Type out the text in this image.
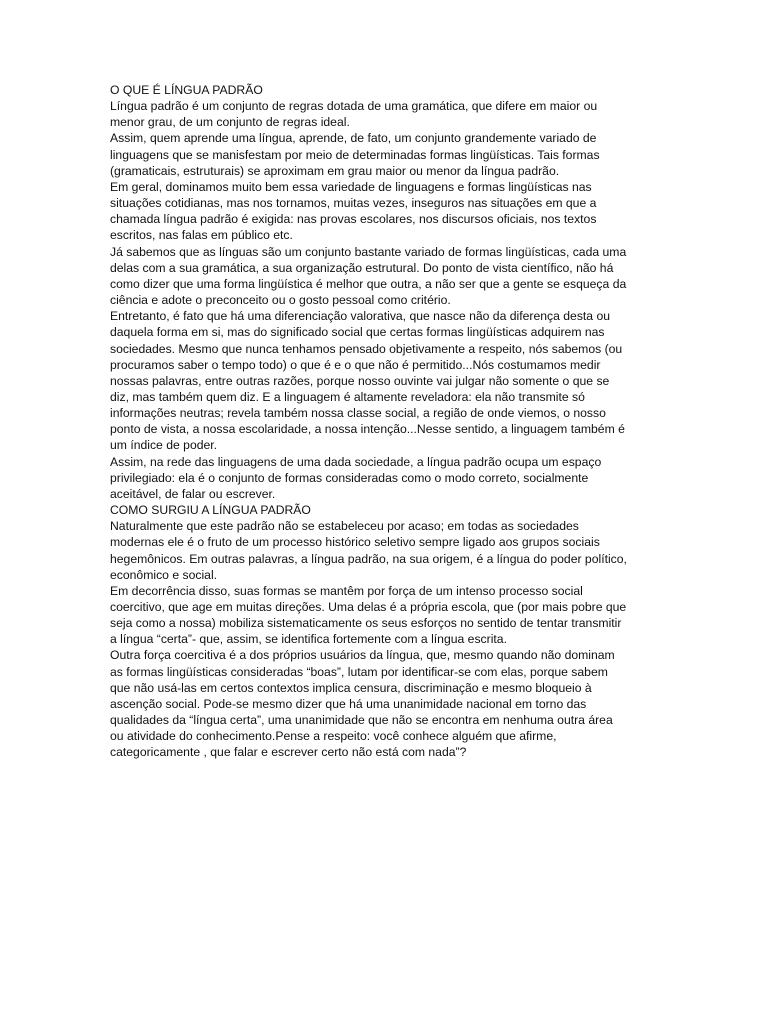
O QUE É LÍNGUA PADRÃO
Língua padrão é um conjunto de regras dotada de uma gramática, que difere em maior ou
menor grau, de um conjunto de regras ideal.
Assim, quem aprende uma língua, aprende, de fato, um conjunto grandemente variado de
linguagens que se manisfestam por meio de determinadas formas lingüísticas. Tais formas
(gramaticais, estruturais) se aproximam em grau maior ou menor da língua padrão.
Em geral, dominamos muito bem essa variedade de linguagens e formas lingüísticas nas
situações cotidianas, mas nos tornamos, muitas vezes, inseguros nas situações em que a
chamada língua padrão é exigida: nas provas escolares, nos discursos oficiais, nos textos
escritos, nas falas em público etc.
Já sabemos que as línguas são um conjunto bastante variado de formas lingüísticas, cada uma
delas com a sua gramática, a sua organização estrutural. Do ponto de vista científico, não há
como dizer que uma forma lingüística é melhor que outra, a não ser que a gente se esqueça da
ciência e adote o preconceito ou o gosto pessoal como critério.
Entretanto, é fato que há uma diferenciação valorativa, que nasce não da diferença desta ou
daquela forma em si, mas do significado social que certas formas lingüísticas adquirem nas
sociedades. Mesmo que nunca tenhamos pensado objetivamente a respeito, nós sabemos (ou
procuramos saber o tempo todo) o que é e o que não é permitido...Nós costumamos medir
nossas palavras, entre outras razões, porque nosso ouvinte vai julgar não somente o que se
diz, mas também quem diz. E a linguagem é altamente reveladora: ela não transmite só
informações neutras; revela também nossa classe social, a região de onde viemos, o nosso
ponto de vista, a nossa escolaridade, a nossa intenção...Nesse sentido, a linguagem também é
um índice de poder.
Assim, na rede das linguagens de uma dada sociedade, a língua padrão ocupa um espaço
privilegiado: ela é o conjunto de formas consideradas como o modo correto, socialmente
aceitável, de falar ou escrever.
COMO SURGIU A LÍNGUA PADRÃO
Naturalmente que este padrão não se estabeleceu por acaso; em todas as sociedades
modernas ele é o fruto de um processo histórico seletivo sempre ligado aos grupos sociais
hegemônicos. Em outras palavras, a língua padrão, na sua origem, é a língua do poder político,
econômico e social.
Em decorrência disso, suas formas se mantêm por força de um intenso processo social
coercitivo, que age em muitas direções. Uma delas é a própria escola, que (por mais pobre que
seja como a nossa) mobiliza sistematicamente os seus esforços no sentido de tentar transmitir
a língua “certa”- que, assim, se identifica fortemente com a língua escrita.
Outra força coercitiva é a dos próprios usuários da língua, que, mesmo quando não dominam
as formas lingüísticas consideradas “boas”, lutam por identificar-se com elas, porque sabem
que não usá-las em certos contextos implica censura, discriminação e mesmo bloqueio à
ascenção social. Pode-se mesmo dizer que há uma unanimidade nacional em torno das
qualidades da “língua certa”, uma unanimidade que não se encontra em nenhuma outra área
ou atividade do conhecimento.Pense a respeito: você conhece alguém que afirme,
categoricamente , que falar e escrever certo não está com nada”?
